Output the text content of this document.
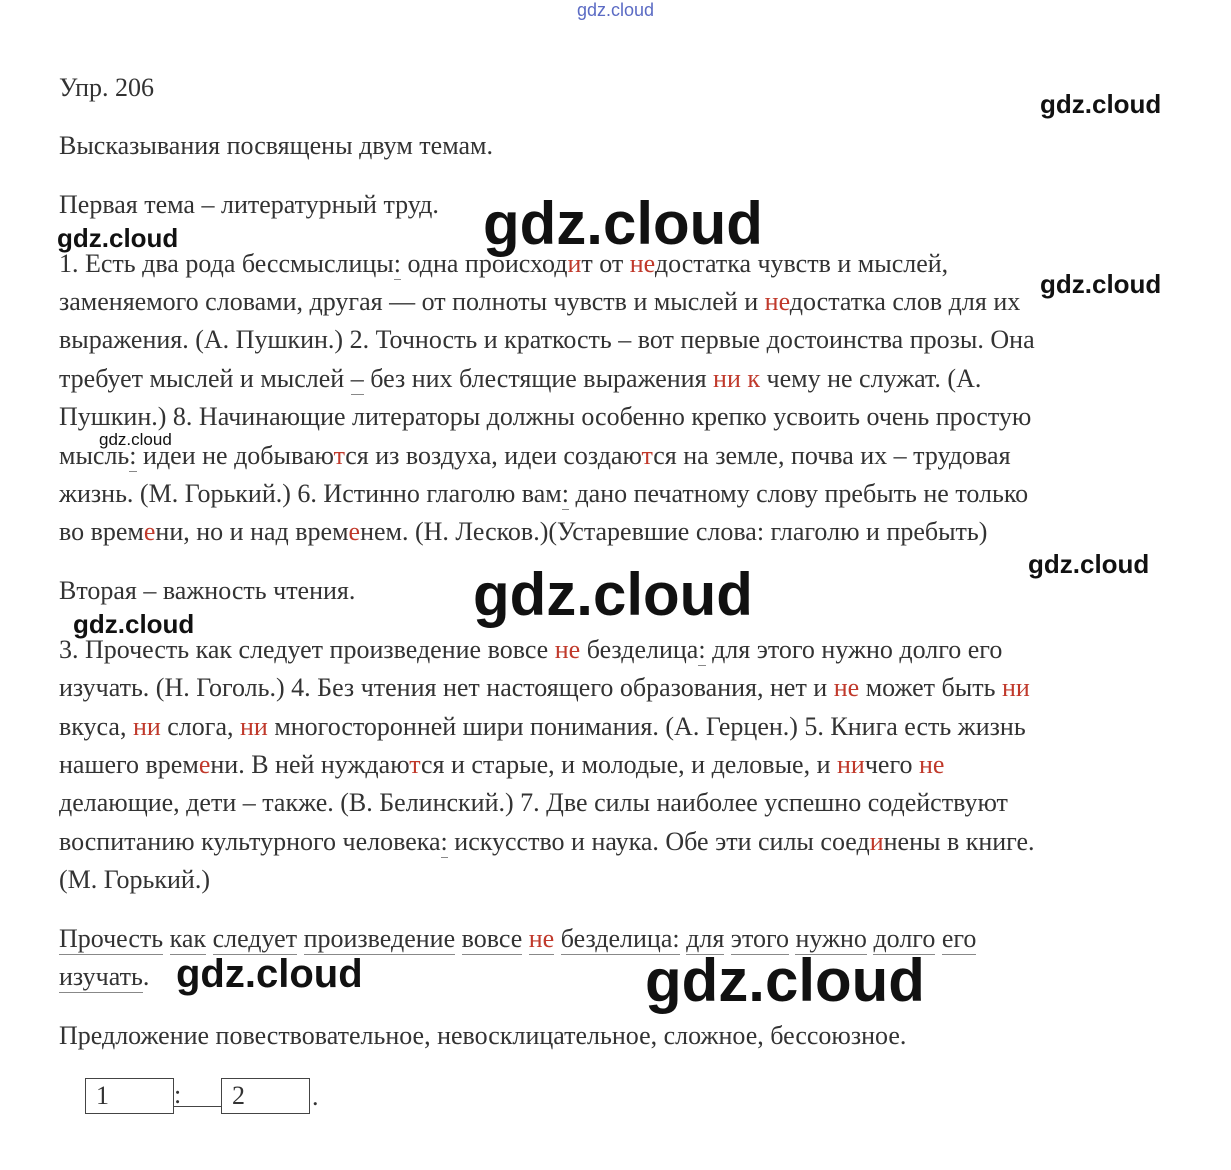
Упр. 206
Высказывания посвящены двум темам.
Первая тема – литературный труд.
1. Есть два рода бессмыслицы: одна происходит от недостатка чувств и мыслей,
заменяемого словами, другая — от полноты чувств и мыслей и недостатка слов для их
выражения. (А. Пушкин.) 2. Точность и краткость – вот первые достоинства прозы. Она
требует мыслей и мыслей – без них блестящие выражения ни к чему не служат. (А.
Пушкин.) 8. Начинающие литераторы должны особенно крепко усвоить очень простую
мысль: идеи не добываются из воздуха, идеи создаются на земле, почва их – трудовая
жизнь. (М. Горький.) 6. Истинно глаголю вам: дано печатному слову пребыть не только
во времени, но и над временем. (Н. Лесков.)(Устаревшие слова: глаголю и пребыть)
Вторая – важность чтения.
3. Прочесть как следует произведение вовсе не безделица: для этого нужно долго его
изучать. (Н. Гоголь.) 4. Без чтения нет настоящего образования, нет и не может быть ни
вкуса, ни слога, ни многосторонней шири понимания. (А. Герцен.) 5. Книга есть жизнь
нашего времени. В ней нуждаются и старые, и молодые, и деловые, и ничего не
делающие, дети – также. (В. Белинский.) 7. Две силы наиболее успешно содействуют
воспитанию культурного человека: искусство и наука. Обе эти силы соединены в книге.
(М. Горький.)
Прочесть как следует произведение вовсе не безделица: для этого нужно долго его
изучать.
Предложение повествовательное, невосклицательное, сложное, бессоюзное.
1	:	2	.
gdz.cloud
gdz.cloud
gdz.cloud
gdz.cloud
gdz.cloud
gdz.cloud
gdz.cloud
gdz.cloud
gdz.cloud
gdz.cloud	gdz.cloud
